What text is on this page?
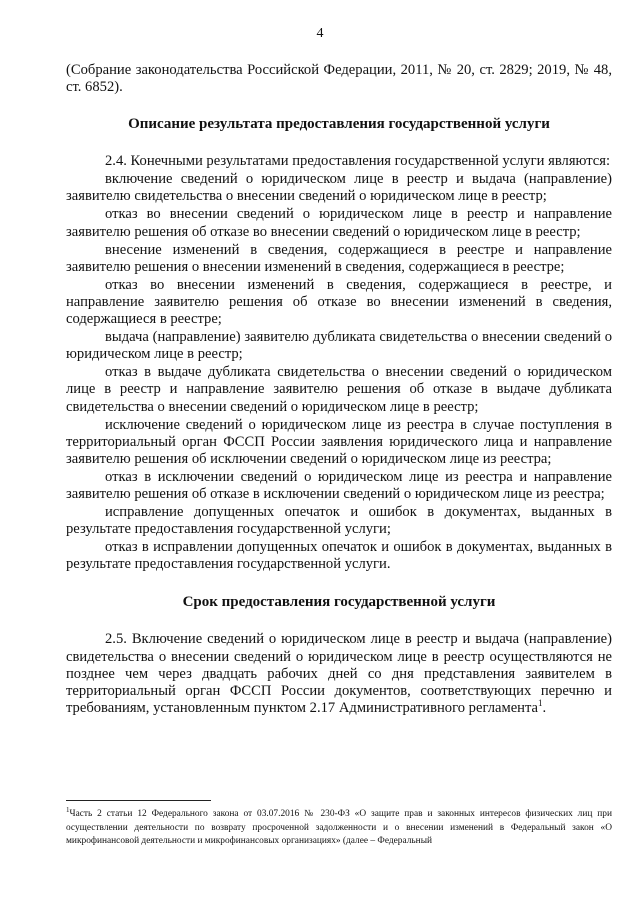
4

(Собрание законодательства Российской Федерации, 2011, № 20, ст. 2829; 2019, № 48, ст. 6852).

Описание результата предоставления государственной услуги

2.4. Конечными результатами предоставления государственной услуги являются:

включение сведений о юридическом лице в реестр и выдача (направление) заявителю свидетельства о внесении сведений о юридическом лице в реестр;

отказ во внесении сведений о юридическом лице в реестр и направление заявителю решения об отказе во внесении сведений о юридическом лице в реестр;

внесение изменений в сведения, содержащиеся в реестре и направление заявителю решения о внесении изменений в сведения, содержащиеся в реестре;

отказ во внесении изменений в сведения, содержащиеся в реестре, и направление заявителю решения об отказе во внесении изменений в сведения, содержащиеся в реестре;

выдача (направление) заявителю дубликата свидетельства о внесении сведений о юридическом лице в реестр;

отказ в выдаче дубликата свидетельства о внесении сведений о юридическом лице в реестр и направление заявителю решения об отказе в выдаче дубликата свидетельства о внесении сведений о юридическом лице в реестр;

исключение сведений о юридическом лице из реестра в случае поступления в территориальный орган ФССП России заявления юридического лица и направление заявителю решения об исключении сведений о юридическом лице из реестра;

отказ в исключении сведений о юридическом лице из реестра и направление заявителю решения об отказе в исключении сведений о юридическом лице из реестра;

исправление допущенных опечаток и ошибок в документах, выданных в результате предоставления государственной услуги;

отказ в исправлении допущенных опечаток и ошибок в документах, выданных в результате предоставления государственной услуги.

Срок предоставления государственной услуги

2.5. Включение сведений о юридическом лице в реестр и выдача (направление) свидетельства о внесении сведений о юридическом лице в реестр осуществляются не позднее чем через двадцать рабочих дней со дня представления заявителем в территориальный орган ФССП России документов, соответствующих перечню и требованиям, установленным пунктом 2.17 Административного регламента$^1$.

$^1$Часть 2 статьи 12 Федерального закона от 03.07.2016 № 230-ФЗ «О защите прав и законных интересов физических лиц при осуществлении деятельности по возврату просроченной задолженности и о внесении изменений в Федеральный закон «О микрофинансовой деятельности и микрофинансовых организациях» (далее – Федеральный
